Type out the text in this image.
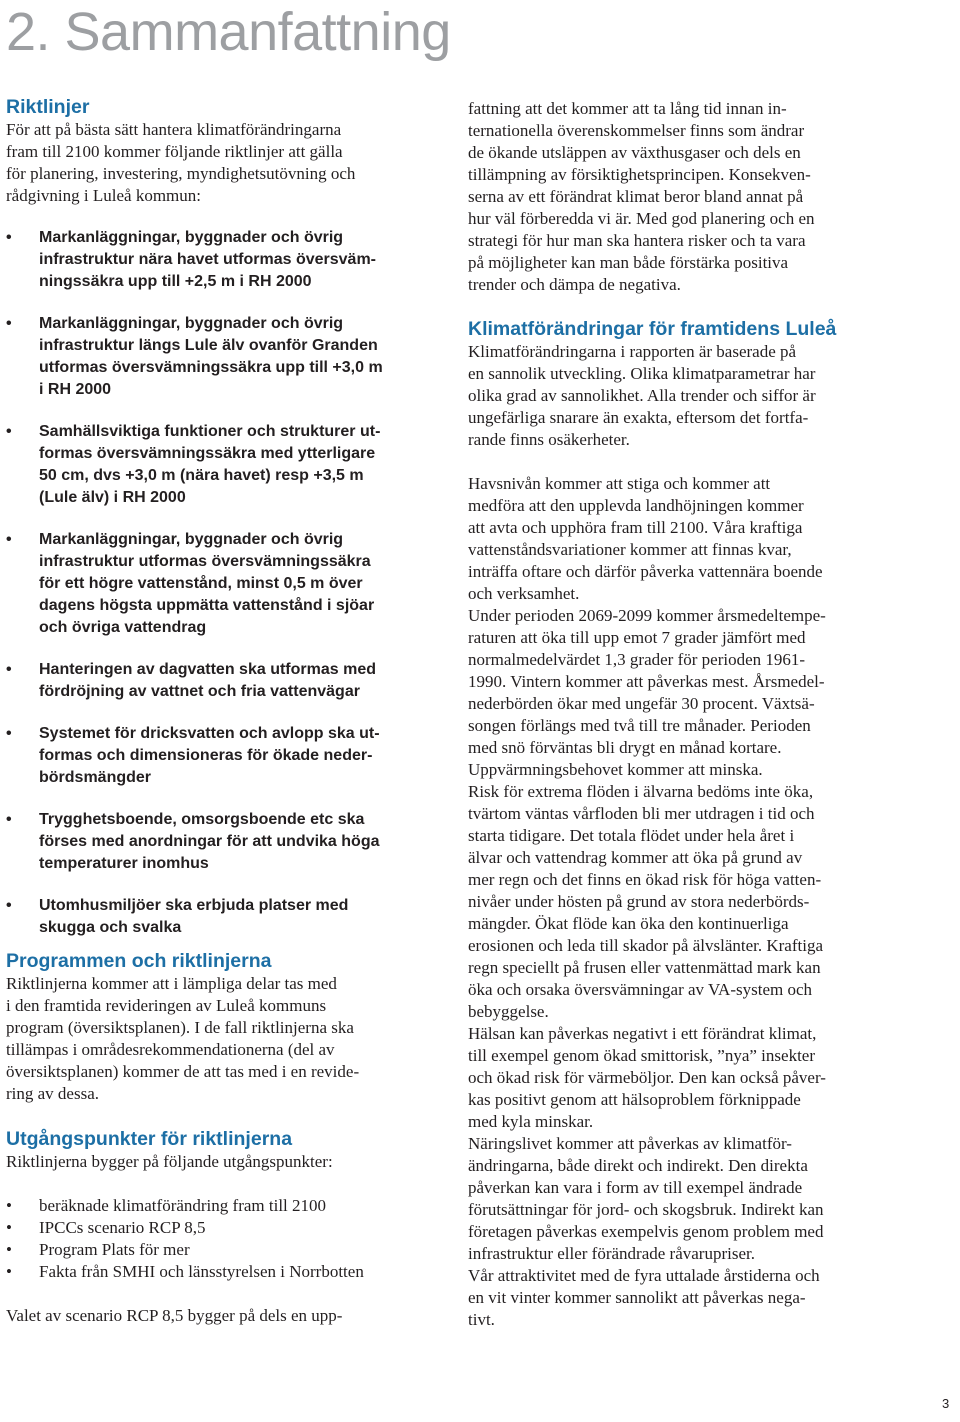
2. Sammanfattning
Riktlinjer

För att på bästa sätt hantera klimatförändringarna
fram till 2100 kommer följande riktlinjer att gälla
för planering, investering, myndighetsutövning och
rådgivning i Luleå kommun:

• Markanläggningar, byggnader och övrig
infrastruktur nära havet utformas översväm-
ningssäkra upp till +2,5 m i RH 2000
• Markanläggningar, byggnader och övrig
infrastruktur längs Lule älv ovanför Granden
utformas översvämningssäkra upp till +3,0 m
i RH 2000
• Samhällsviktiga funktioner och strukturer ut-
formas översvämningssäkra med ytterligare
50 cm, dvs +3,0 m (nära havet) resp +3,5 m
(Lule älv) i RH 2000
• Markanläggningar, byggnader och övrig
infrastruktur utformas översvämningssäkra
för ett högre vattenstånd, minst 0,5 m över
dagens högsta uppmätta vattenstånd i sjöar
och övriga vattendrag
• Hanteringen av dagvatten ska utformas med
fördröjning av vattnet och fria vattenvägar
• Systemet för dricksvatten och avlopp ska ut-
formas och dimensioneras för ökade neder-
bördsmängder
• Trygghetsboende, omsorgsboende etc ska
förses med anordningar för att undvika höga
temperaturer inomhus
• Utomhusmiljöer ska erbjuda platser med
skugga och svalka
Programmen och riktlinjerna

Riktlinjerna kommer att i lämpliga delar tas med
i den framtida revideringen av Luleå kommuns
program (översiktsplanen). I de fall riktlinjerna ska
tillämpas i områdesrekommendationerna (del av
översiktsplanen) kommer de att tas med i en revide-
ring av dessa.

Utgångspunkter för riktlinjerna

Riktlinjerna bygger på följande utgångspunkter:

• beräknade klimatförändring fram till 2100
• IPCCs scenario RCP 8,5
• Program Plats för mer
• Fakta från SMHI och länsstyrelsen i Norrbotten

Valet av scenario RCP 8,5 bygger på dels en upp-

fattning att det kommer att ta lång tid innan in-
ternationella överenskommelser finns som ändrar
de ökande utsläppen av växthusgaser och dels en
tillämpning av försiktighetsprincipen. Konsekven-
serna av ett förändrat klimat beror bland annat på
hur väl förberedda vi är. Med god planering och en
strategi för hur man ska hantera risker och ta vara
på möjligheter kan man både förstärka positiva
trender och dämpa de negativa.

Klimatförändringar för framtidens Luleå

Klimatförändringarna i rapporten är baserade på
en sannolik utveckling. Olika klimatparametrar har
olika grad av sannolikhet. Alla trender och siffor är
ungefärliga snarare än exakta, eftersom det fortfa-
rande finns osäkerheter.

Havsnivån kommer att stiga och kommer att
medföra att den upplevda landhöjningen kommer
att avta och upphöra fram till 2100. Våra kraftiga
vattenståndsvariationer kommer att finnas kvar,
inträffa oftare och därför påverka vattennära boende
och verksamhet.
Under perioden 2069-2099 kommer årsmedeltempe-
raturen att öka till upp emot 7 grader jämfört med
normalmedelvärdet 1,3 grader för perioden 1961-
1990. Vintern kommer att påverkas mest. Årsmedel-
nederbörden ökar med ungefär 30 procent. Växtsä-
songen förlängs med två till tre månader. Perioden
med snö förväntas bli drygt en månad kortare.
Uppvärmningsbehovet kommer att minska.
Risk för extrema flöden i älvarna bedöms inte öka,
tvärtom väntas vårfloden bli mer utdragen i tid och
starta tidigare. Det totala flödet under hela året i
älvar och vattendrag kommer att öka på grund av
mer regn och det finns en ökad risk för höga vatten-
nivåer under hösten på grund av stora nederbörds-
mängder. Ökat flöde kan öka den kontinuerliga
erosionen och leda till skador på älvslänter. Kraftiga
regn speciellt på frusen eller vattenmättad mark kan
öka och orsaka översvämningar av VA-system och
bebyggelse.
Hälsan kan påverkas negativt i ett förändrat klimat,
till exempel genom ökad smittorisk, ”nya” insekter
och ökad risk för värmeböljor. Den kan också påver-
kas positivt genom att hälsoproblem förknippade
med kyla minskar.
Näringslivet kommer att påverkas av klimatför-
ändringarna, både direkt och indirekt. Den direkta
påverkan kan vara i form av till exempel ändrade
förutsättningar för jord- och skogsbruk. Indirekt kan
företagen påverkas exempelvis genom problem med
infrastruktur eller förändrade råvarupriser.
Vår attraktivitet med de fyra uttalade årstiderna och
en vit vinter kommer sannolikt att påverkas nega-
tivt.

3
